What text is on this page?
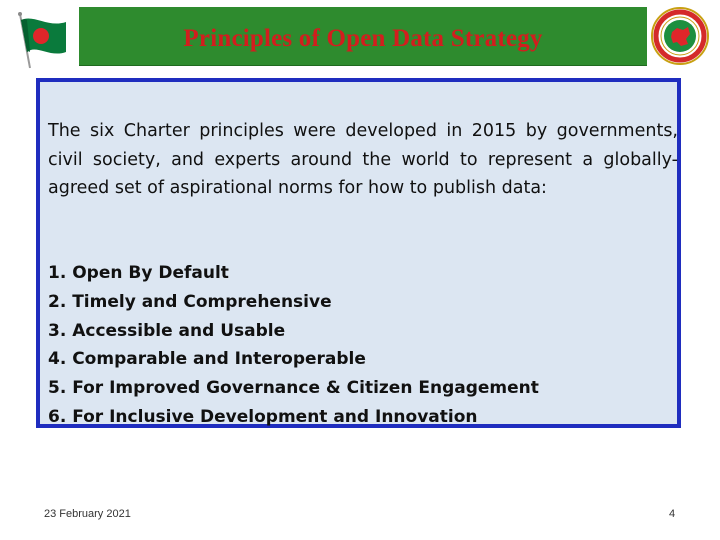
Principles of Open Data Strategy
The six Charter principles were developed in 2015 by governments, civil society, and experts around the world to represent a globally-agreed set of aspirational norms for how to publish data:
1. Open By Default
2. Timely and Comprehensive
3. Accessible and Usable
4. Comparable and Interoperable
5. For Improved Governance & Citizen Engagement
6. For Inclusive Development and Innovation
23 February 2021	4
